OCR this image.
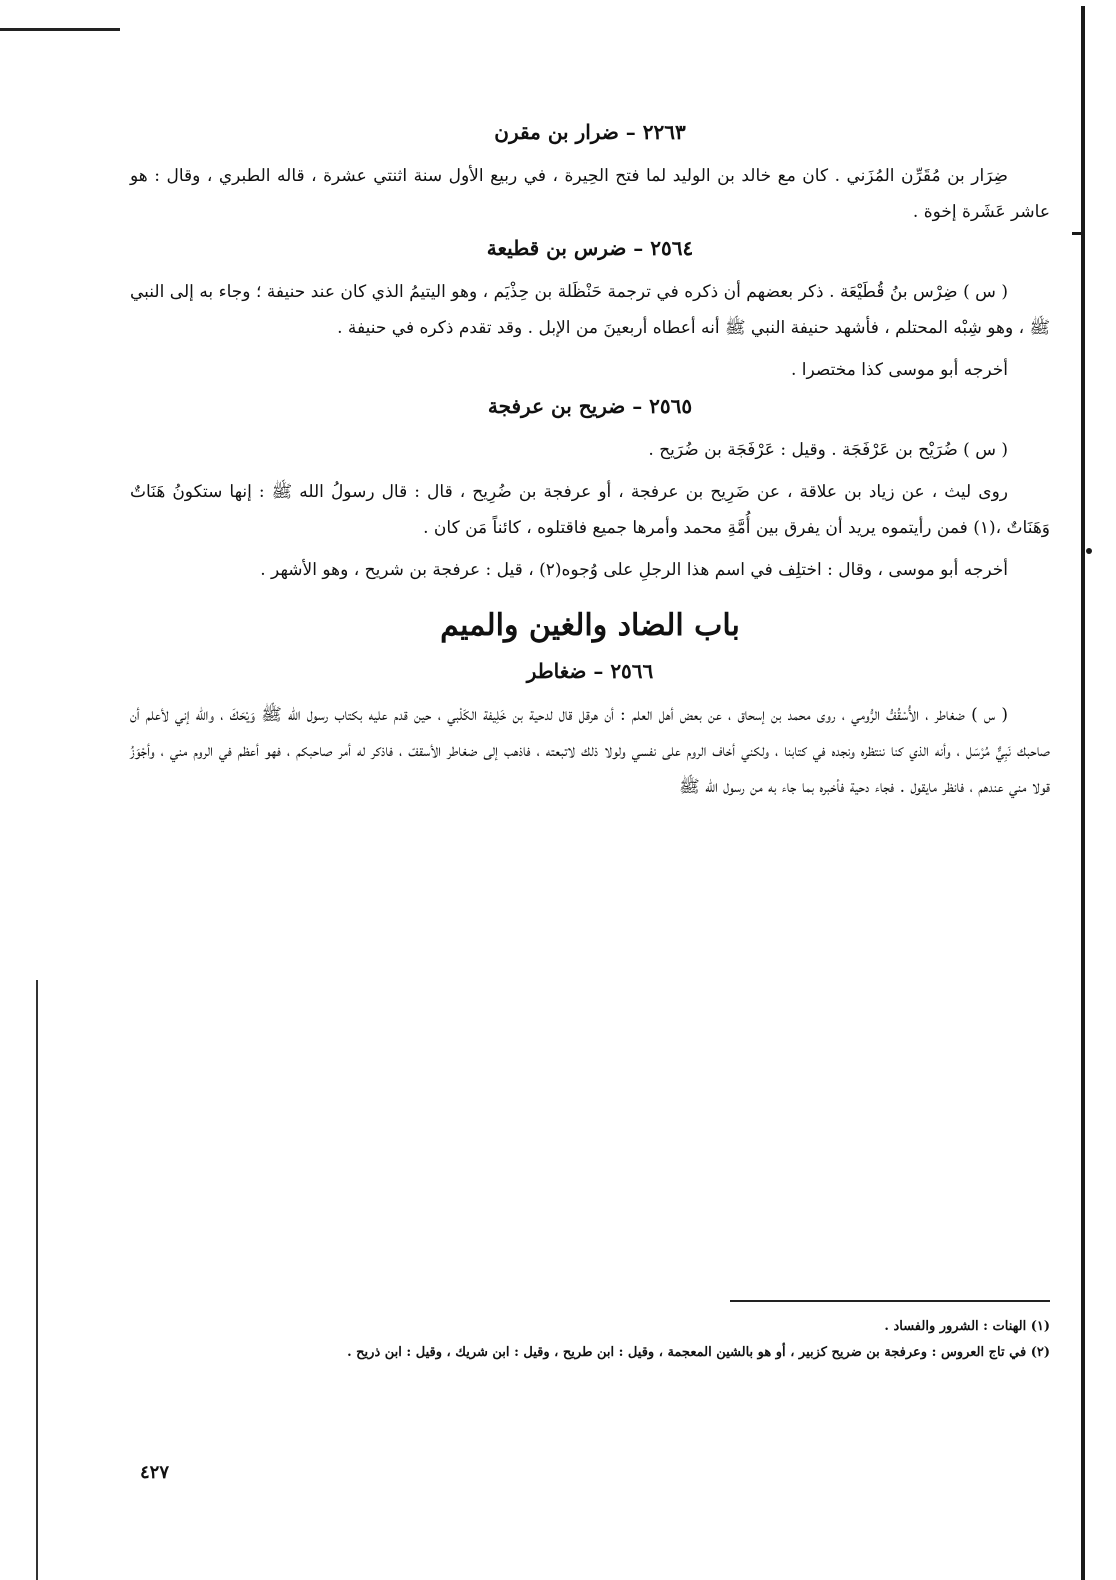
٢٢٦٣ – ضرار بن مقرن

ضِرَار بن مُقَرِّن المُزَني . كان مع خالد بن الوليد لما فتح الحِيرة ، في ربيع الأول سنة اثنتي عشرة ، قاله الطبري ، وقال : هو عاشر عَشَرة إخوة .

٢٥٦٤ – ضرس بن قطيعة

( س ) ضِرْس بنُ قُطَيْعَة . ذكر بعضهم أن ذكره في ترجمة حَنْظَلة بن حِذْيَم ، وهو اليتيمُ الذي كان عند حنيفة ؛ وجاء به إلى النبي ﷺ ، وهو شِبْه المحتلم ، فأشهد حنيفة النبي ﷺ أنه أعطاه أربعينَ من الإبل . وقد تقدم ذكره في حنيفة .

أخرجه أبو موسى كذا مختصرا .

٢٥٦٥ – ضريح بن عرفجة

( س ) ضُرَيْح بن عَرْفَجَة . وقيل : عَرْفَجَة بن ضُرَيح .

روى ليث ، عن زياد بن علاقة ، عن ضَرِيح بن عرفجة ، أو عرفجة بن ضُرِيح ، قال : قال رسولُ الله ﷺ : إنها ستكونُ هَنَاتٌ وَهَنَاتٌ ،(١) فمن رأيتموه يريد أن يفرق بين أُمَّةِ محمد وأمرها جميع فاقتلوه ، كائناً مَن كان .

أخرجه أبو موسى ، وقال : اختلِف في اسم هذا الرجلِ على وُجوه(٢) ، قيل : عرفجة بن شريح ، وهو الأشهر .

باب الضاد والغين والميم
٢٥٦٦ – ضغاطر

( س ) ضغاطر ، الأُسْقُفُّ الرُّومي ، روى محمد بن إسحاق ، عن بعض أهل العلم : أن هرقل قال لدحية بن خَلِيفة الكَلْبي ، حين قدم عليه بكتاب رسول الله ﷺ وَيْحَكَ ، والله إني لأعلم أن صاحبك نَبِيٌّ مُرْسَل ، وأنه الذي كنا ننتظره ونجده في كتابنا ، ولكني أخاف الروم على نفسي ولولا ذلك لاتبعته ، فاذهب إلى ضغاطر الأسقفّ ، فاذكر له أمر صاحبكم ، فهو أعظم في الروم مني ، وأجْوَزُ قولا مني عندهم ، فانظر مايقول . فجاء دحية فأخبره بما جاء به من رسول الله ﷺ

(١) الهنات : الشرور والفساد .

(٢) في تاج العروس : وعرفجة بن ضريح كزبير ، أو هو بالشين المعجمة ، وقيل : ابن طريح ، وقيل : ابن شريك ، وقيل : ابن ذريح .

٤٢٧
